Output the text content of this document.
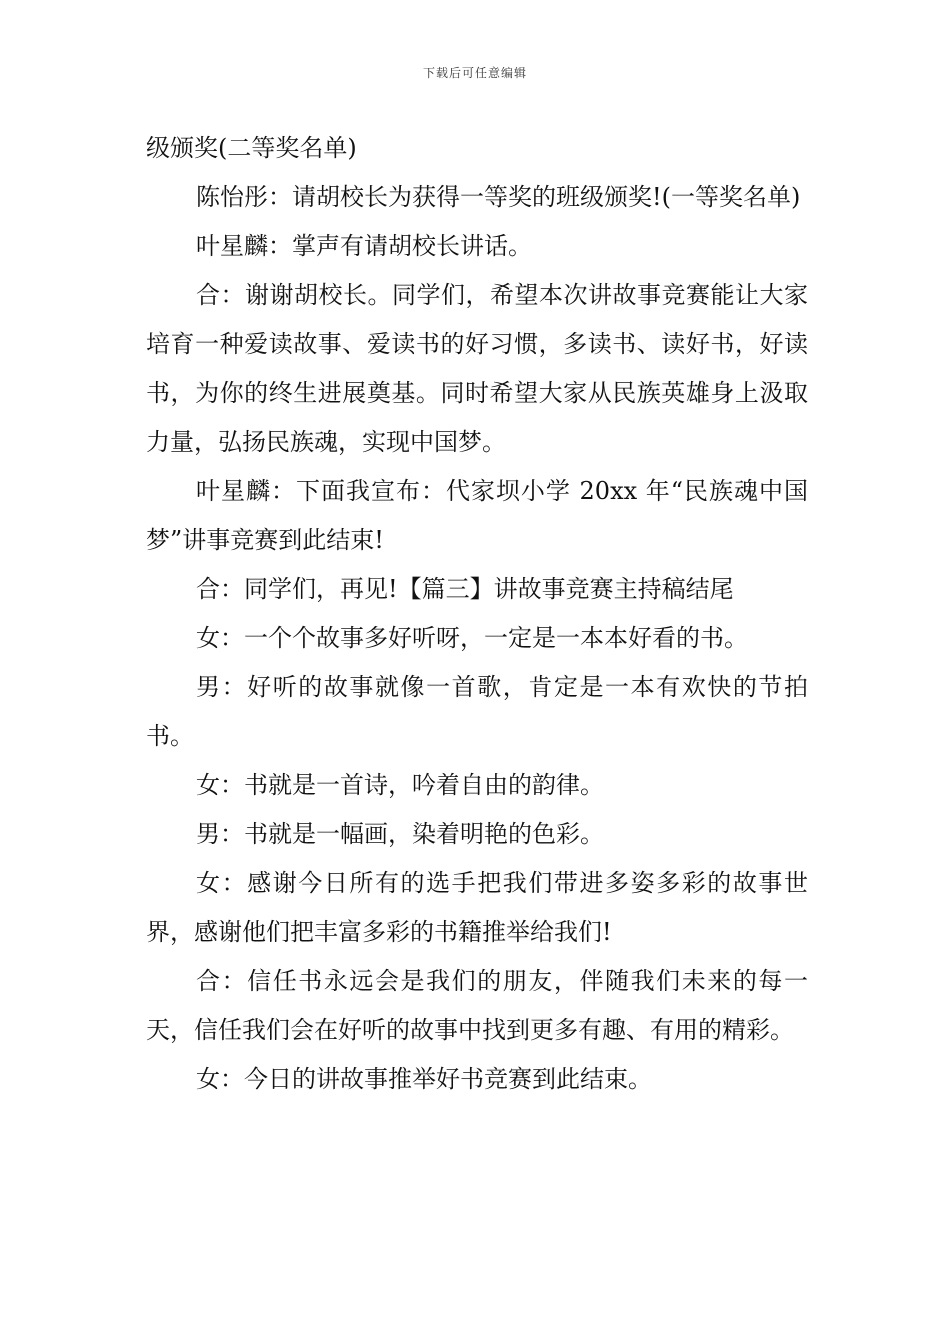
下载后可任意编辑

级颁奖(二等奖名单)

陈怡彤：请胡校长为获得一等奖的班级颁奖!(一等奖名单)

叶星麟：掌声有请胡校长讲话。

合：谢谢胡校长。同学们，希望本次讲故事竞赛能让大家培育一种爱读故事、爱读书的好习惯，多读书、读好书，好读书，为你的终生进展奠基。同时希望大家从民族英雄身上汲取力量，弘扬民族魂，实现中国梦。

叶星麟：下面我宣布：代家坝小学 20xx 年“民族魂中国梦”讲事竞赛到此结束!

合：同学们，再见!【篇三】讲故事竞赛主持稿结尾

女：一个个故事多好听呀，一定是一本本好看的书。

男：好听的故事就像一首歌，肯定是一本有欢快的节拍书。

女：书就是一首诗，吟着自由的韵律。

男：书就是一幅画，染着明艳的色彩。

女：感谢今日所有的选手把我们带进多姿多彩的故事世界，感谢他们把丰富多彩的书籍推举给我们!

合：信任书永远会是我们的朋友，伴随我们未来的每一天，信任我们会在好听的故事中找到更多有趣、有用的精彩。

女：今日的讲故事推举好书竞赛到此结束。
